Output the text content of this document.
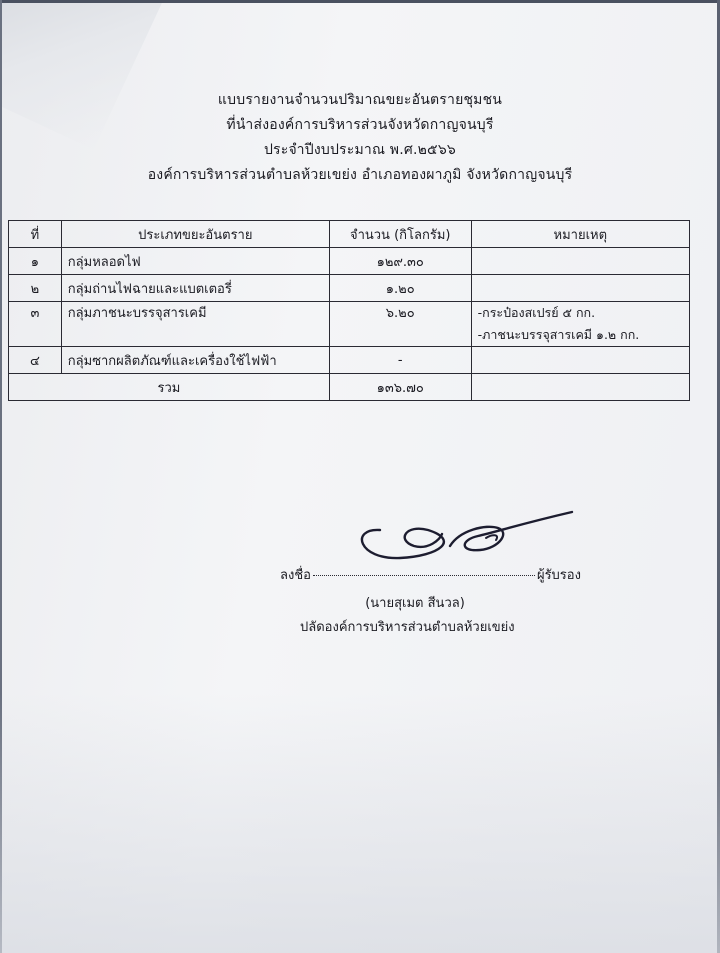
แบบรายงานจำนวนปริมาณขยะอันตรายชุมชน
ที่นำส่งองค์การบริหารส่วนจังหวัดกาญจนบุรี
ประจำปีงบประมาณ พ.ศ.๒๕๖๖
องค์การบริหารส่วนตำบลห้วยเขย่ง อำเภอทองผาภูมิ จังหวัดกาญจนบุรี
ที่	ประเภทขยะอันตราย	จำนวน (กิโลกรัม)	หมายเหตุ
๑	กลุ่มหลอดไฟ	๑๒๙.๓๐	
๒	กลุ่มถ่านไฟฉายและแบตเตอรี่	๑.๒๐	
๓	กลุ่มภาชนะบรรจุสารเคมี	๖.๒๐	-กระป๋องสเปรย์ ๕ กก.
-ภาชนะบรรจุสารเคมี ๑.๒ กก.

๔	กลุ่มซากผลิตภัณฑ์และเครื่องใช้ไฟฟ้า	-	
รวม		๑๓๖.๗๐	
ลงชื่อ	ผู้รับรอง
(นายสุเมต สีนวล)
ปลัดองค์การบริหารส่วนตำบลห้วยเขย่ง
